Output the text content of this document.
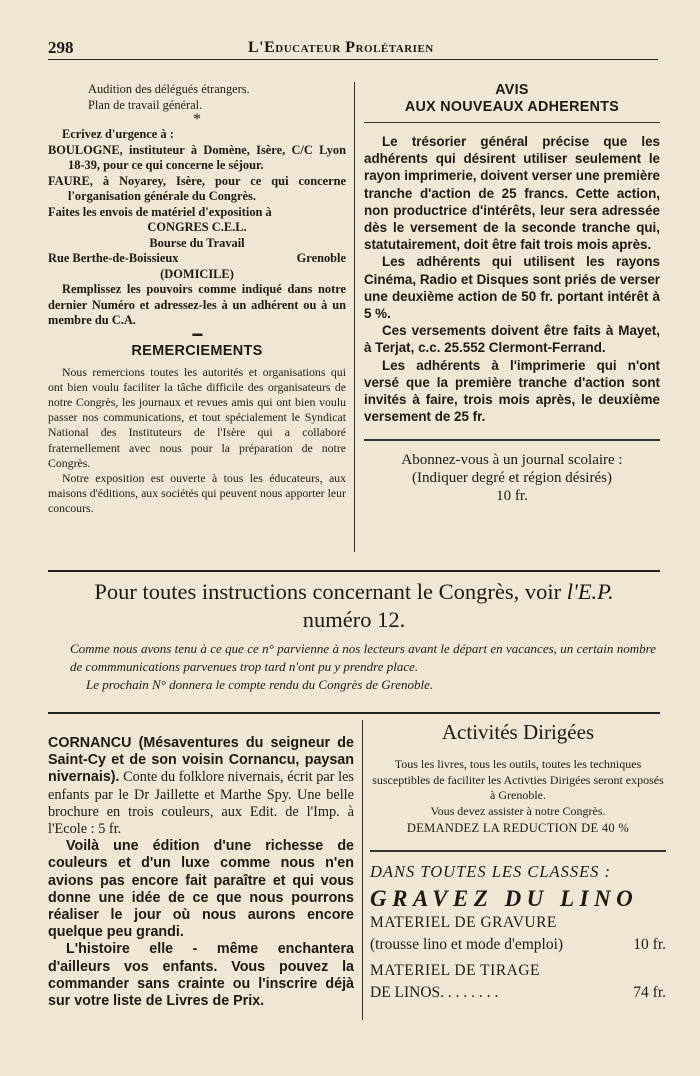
298	L'Educateur Prolétarien
Audition des délégués étrangers.
Plan de travail général.
*
Ecrivez d'urgence à :

BOULOGNE, instituteur à Domène, Isère, C/C Lyon 18-39, pour ce qui concerne le séjour.

FAURE, à Noyarey, Isère, pour ce qui concerne l'organisation générale du Congrès.

Faites les envois de matériel d'exposition à
CONGRES C.E.L.
Bourse du Travail
Rue Berthe-de-Boissieux	Grenoble
(DOMICILE)

Remplissez les pouvoirs comme indiqué dans notre dernier Numéro et adressez-les à un adhérent ou à un membre du C.A.

▪▪▪▪
REMERCIEMENTS

Nous remercions toutes les autorités et organisations qui ont bien voulu faciliter la tâche difficile des organisateurs de notre Congrès, les journaux et revues amis qui ont bien voulu passer nos communications, et tout spécialement le Syndicat National des Instituteurs de l'Isère qui a collaboré fraternellement avec nous pour la préparation de notre Congrès.

Notre exposition est ouverte à tous les éducateurs, aux maisons d'éditions, aux sociétés qui peuvent nous apporter leur concours.

AVIS
AUX NOUVEAUX ADHERENTS

Le trésorier général précise que les adhérents qui désirent utiliser seulement le rayon imprimerie, doivent verser une première tranche d'action de 25 francs. Cette action, non productrice d'intérêts, leur sera adressée dès le versement de la seconde tranche qui, statutairement, doit être fait trois mois après.

Les adhérents qui utilisent les rayons Cinéma, Radio et Disques sont priés de verser une deuxième action de 50 fr. portant intérêt à 5 %.

Ces versements doivent être faits à Mayet, à Terjat, c.c. 25.552 Clermont-Ferrand.

Les adhérents à l'imprimerie qui n'ont versé que la première tranche d'action sont invités à faire, trois mois après, le deuxième versement de 25 fr.

Abonnez-vous à un journal scolaire :
(Indiquer degré et région désirés)
10 fr.

Pour toutes instructions concernant le Congrès, voir l'E.P.
numéro 12.

Comme nous avons tenu à ce que ce n° parvienne à nos lecteurs avant le départ en vacances, un certain nombre de commmunications parvenues trop tard n'ont pu y prendre place.

Le prochain N° donnera le compte rendu du Congrès de Grenoble.

CORNANCU (Mésaventures du seigneur de Saint-Cy et de son voisin Cornancu, paysan nivernais). Conte du folklore nivernais, écrit par les enfants par le Dr Jaillette et Marthe Spy. Une belle brochure en trois couleurs, aux Edit. de l'Imp. à l'Ecole : 5 fr.

Voilà une édition d'une richesse de couleurs et d'un luxe comme nous n'en avions pas encore fait paraître et qui vous donne une idée de ce que nous pourrons réaliser le jour où nous aurons encore quelque peu grandi.

L'histoire elle - même enchantera d'ailleurs vos enfants. Vous pouvez la commander sans crainte ou l'inscrire déjà sur votre liste de Livres de Prix.

Activités Dirigées
Tous les livres, tous les outils, toutes les techniques susceptibles de faciliter les Activties Dirigées seront exposés à Grenoble.
Vous devez assister à notre Congrès.
DEMANDEZ LA REDUCTION DE 40 %
DANS TOUTES LES CLASSES :
GRAVEZ DU LINO
MATERIEL DE GRAVURE
(trousse lino et mode d'emploi)	10 fr.
MATERIEL DE TIRAGE
DE LINOS. . . . . . . .	74 fr.
